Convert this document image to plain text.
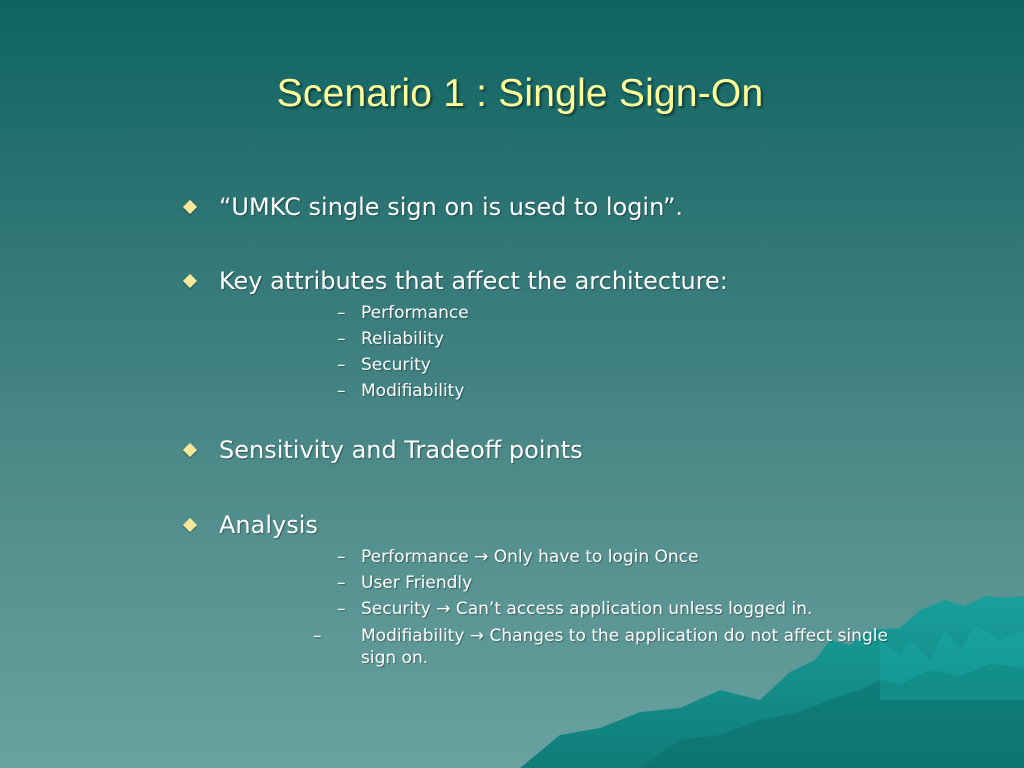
Scenario 1 : Single Sign-On
“UMKC single sign on is used to login”.
Key attributes that affect the architecture:
– Performance
– Reliability
– Security
– Modifiability
Sensitivity and Tradeoff points
Analysis
– Performance → Only have to login Once
– User Friendly
– Security → Can’t access application unless logged in.
– Modifiability → Changes to the application do not affect single sign on.
